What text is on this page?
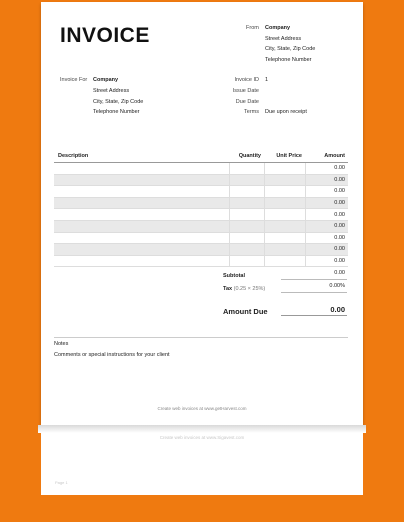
INVOICE	From Company
Street Address
City, State, Zip Code
Telephone Number
Invoice For Company
Street Address
City, State, Zip Code
Telephone Number
Invoice ID 1
Issue Date
Due Date
Terms Due upon receipt
Description	Quantity	Unit Price	Amount
			0.00
			0.00
			0.00
			0.00
			0.00
			0.00
			0.00
			0.00
			0.00
Subtotal	0.00
Tax (0.25 × 25%)	0.00%
Amount Due	0.00
Notes
Comments or special instructions for your client
Create web invoices at www.getHarvest.com
Create web invoices at www.Sigavest.com
Page 1
